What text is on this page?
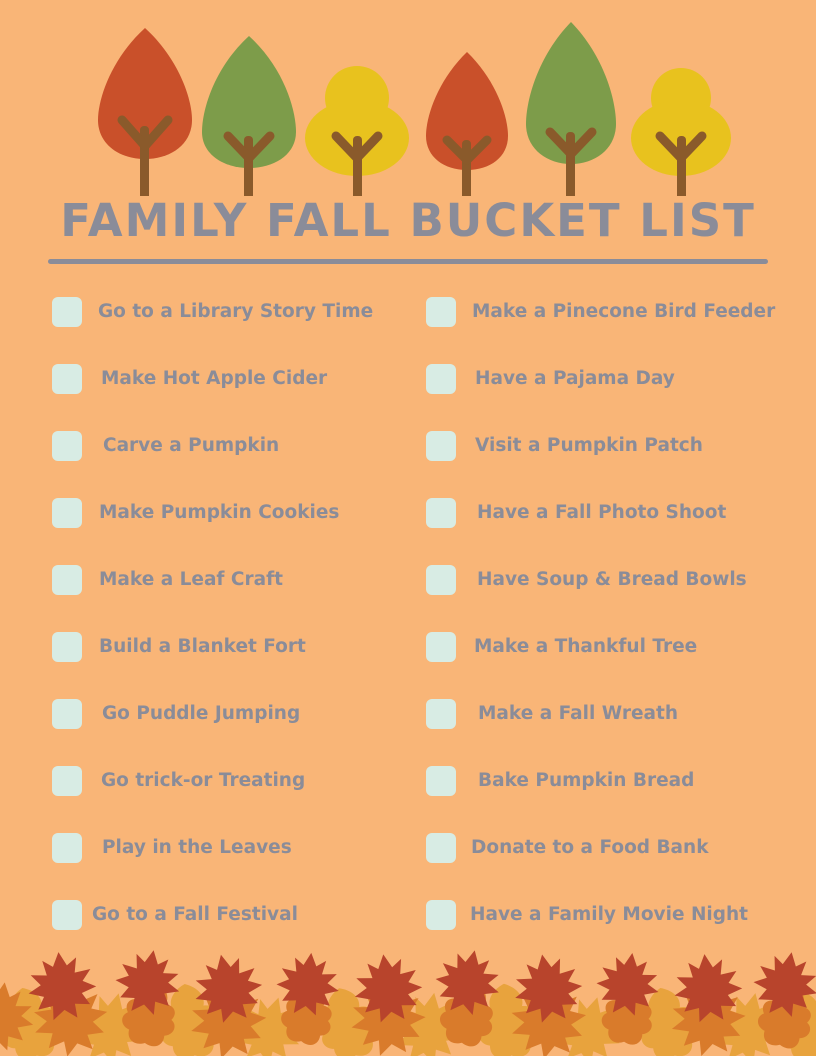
FAMILY FALL BUCKET LIST
Go to a Library Story Time
Make Hot Apple Cider
Carve a Pumpkin
Make Pumpkin Cookies
Make a Leaf Craft
Build a Blanket Fort
Go Puddle Jumping
Go trick-or Treating
Play in the Leaves
Go to a Fall Festival
Make a Pinecone Bird Feeder
Have a Pajama Day
Visit a Pumpkin Patch
Have a Fall Photo Shoot
Have Soup & Bread Bowls
Make a Thankful Tree
Make a Fall Wreath
Bake Pumpkin Bread
Donate to a Food Bank
Have a Family Movie Night
